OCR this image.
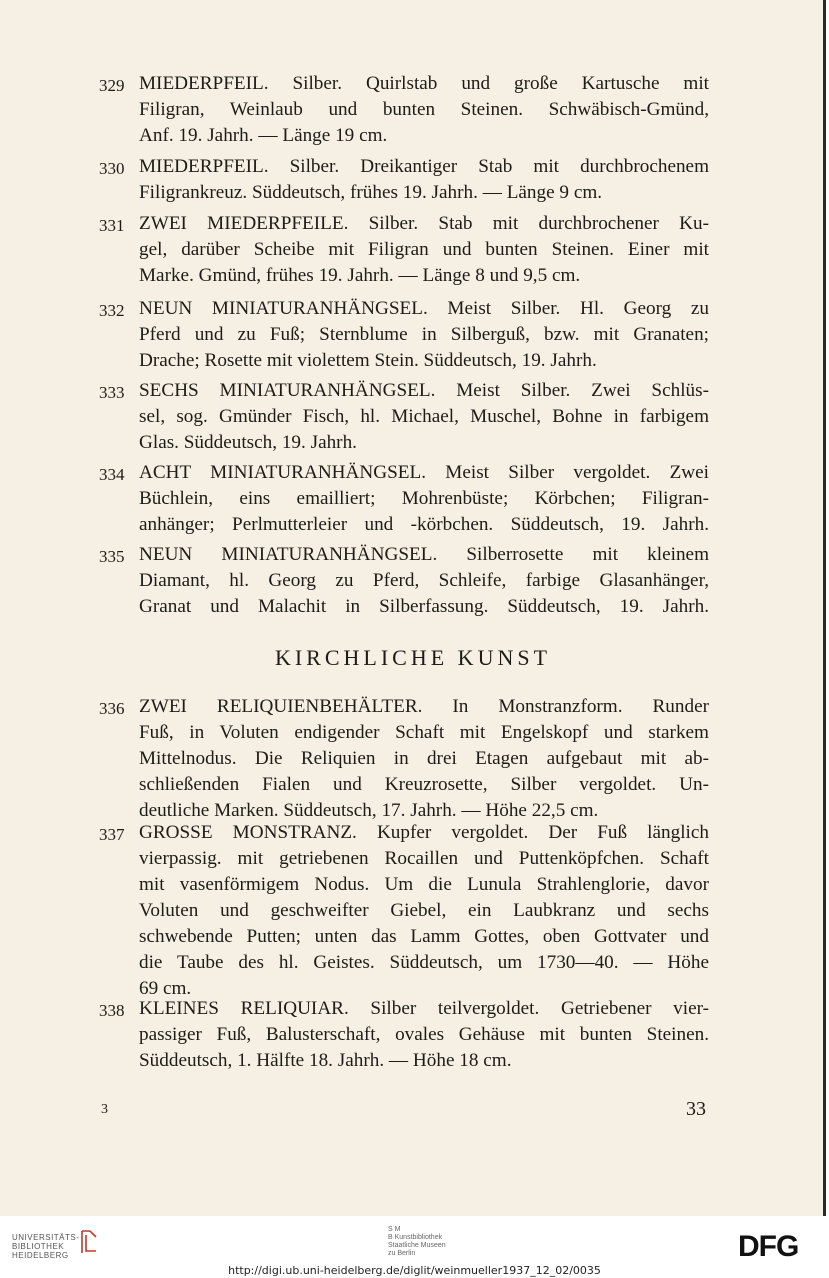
329 MIEDERPFEIL. Silber. Quirlstab und große Kartusche mit
Filigran, Weinlaub und bunten Steinen. Schwäbisch-Gmünd,
Anf. 19. Jahrh. — Länge 19 cm.
330 MIEDERPFEIL. Silber. Dreikantiger Stab mit durchbrochenem
Filigrankreuz. Süddeutsch, frühes 19. Jahrh. — Länge 9 cm.
331 ZWEI MIEDERPFEILE. Silber. Stab mit durchbrochener Ku-
gel, darüber Scheibe mit Filigran und bunten Steinen. Einer mit
Marke. Gmünd, frühes 19. Jahrh. — Länge 8 und 9,5 cm.
332 NEUN MINIATURANHÄNGSEL. Meist Silber. Hl. Georg zu
Pferd und zu Fuß; Sternblume in Silberguß, bzw. mit Granaten;
Drache; Rosette mit violettem Stein. Süddeutsch, 19. Jahrh.
333 SECHS MINIATURANHÄNGSEL. Meist Silber. Zwei Schlüs-
sel, sog. Gmünder Fisch, hl. Michael, Muschel, Bohne in farbigem
Glas. Süddeutsch, 19. Jahrh.
334 ACHT MINIATURANHÄNGSEL. Meist Silber vergoldet. Zwei
Büchlein, eins emailliert; Mohrenbüste; Körbchen; Filigran-
anhänger; Perlmutterleier und -körbchen. Süddeutsch, 19. Jahrh.
335 NEUN MINIATURANHÄNGSEL. Silberrosette mit kleinem
Diamant, hl. Georg zu Pferd, Schleife, farbige Glasanhänger,
Granat und Malachit in Silberfassung. Süddeutsch, 19. Jahrh.
KIRCHLICHE KUNST
336 ZWEI RELIQUIENBEHÄLTER. In Monstranzform. Runder
Fuß, in Voluten endigender Schaft mit Engelskopf und starkem
Mittelnodus. Die Reliquien in drei Etagen aufgebaut mit ab-
schließenden Fialen und Kreuzrosette, Silber vergoldet. Un-
deutliche Marken. Süddeutsch, 17. Jahrh. — Höhe 22,5 cm.
337 GROSSE MONSTRANZ. Kupfer vergoldet. Der Fuß länglich
vierpassig. mit getriebenen Rocaillen und Puttenköpfchen. Schaft
mit vasenförmigem Nodus. Um die Lunula Strahlenglorie, davor
Voluten und geschweifter Giebel, ein Laubkranz und sechs
schwebende Putten; unten das Lamm Gottes, oben Gottvater und
die Taube des hl. Geistes. Süddeutsch, um 1730—40. — Höhe
69 cm.
338 KLEINES RELIQUIAR. Silber teilvergoldet. Getriebener vier-
passiger Fuß, Balusterschaft, ovales Gehäuse mit bunten Steinen.
Süddeutsch, 1. Hälfte 18. Jahrh. — Höhe 18 cm.
3	33
UNIVERSITÄTS-
BIBLIOTHEK
HEIDELBERG
S M
B Kunstbibliothek
Staatliche Museen
zu Berlin	DFG
http://digi.ub.uni-heidelberg.de/diglit/weinmueller1937_12_02/0035
